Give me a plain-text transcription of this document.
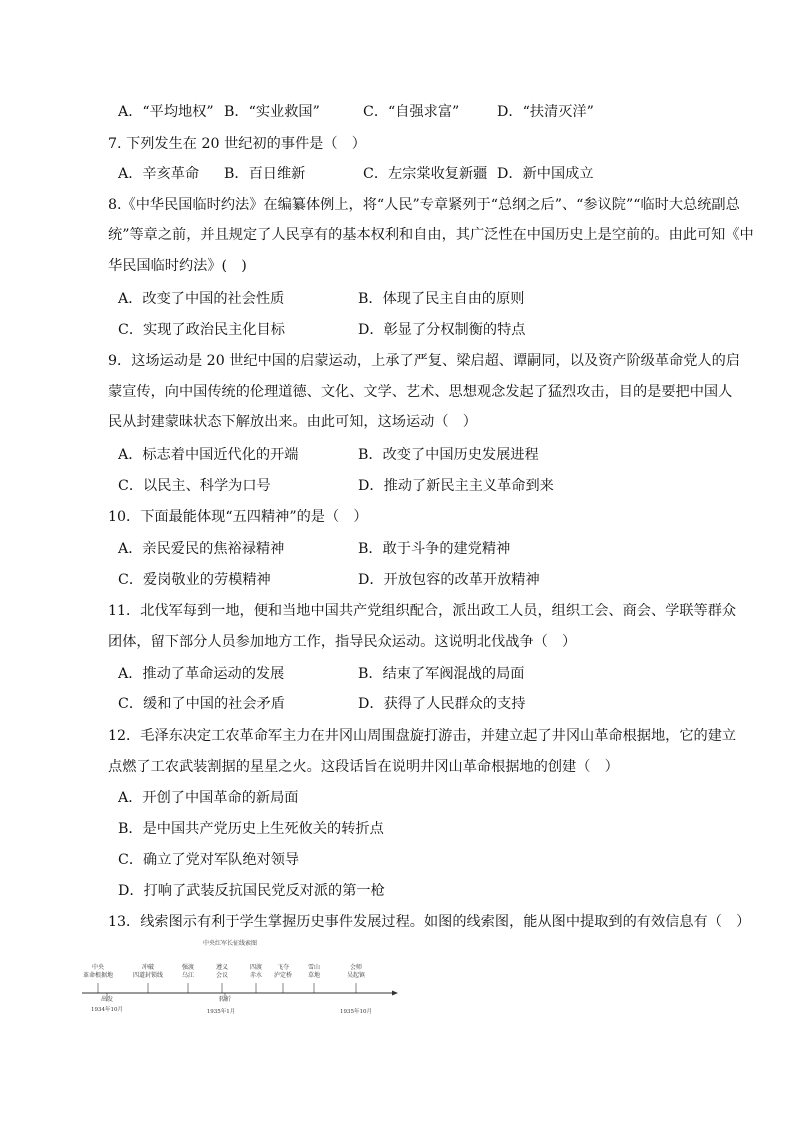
A．“平均地权” B．“实业救国”	C．“自强求富”	D．“扶清灭洋”
7. 下列发生在 20 世纪初的事件是（　）
A．辛亥革命 B．百日维新	C．左宗棠收复新疆 D．新中国成立
8.《中华民国临时约法》在编纂体例上，将“人民”专章紧列于“总纲之后”、“参议院”“临时大总统副总
统”等章之前，并且规定了人民享有的基本权利和自由，其广泛性在中国历史上是空前的。由此可知《中
华民国临时约法》(　)
A．改变了中国的社会性质	B．体现了民主自由的原则
C．实现了政治民主化目标	D．彰显了分权制衡的特点
9．这场运动是 20 世纪中国的启蒙运动，上承了严复、梁启超、谭嗣同，以及资产阶级革命党人的启
蒙宣传，向中国传统的伦理道德、文化、文学、艺术、思想观念发起了猛烈攻击，目的是要把中国人
民从封建蒙昧状态下解放出来。由此可知，这场运动（　）
A．标志着中国近代化的开端	B．改变了中国历史发展进程
C．以民主、科学为口号	D．推动了新民主主义革命到来
10．下面最能体现“五四精神”的是（　）
A．亲民爱民的焦裕禄精神	B．敢于斗争的建党精神
C．爱岗敬业的劳模精神	D．开放包容的改革开放精神
11．北伐军每到一地，便和当地中国共产党组织配合，派出政工人员，组织工会、商会、学联等群众
团体，留下部分人员参加地方工作，指导民众运动。这说明北伐战争（　）
A．推动了革命运动的发展	B．结束了军阀混战的局面
C．缓和了中国的社会矛盾	D．获得了人民群众的支持
12．毛泽东决定工农革命军主力在井冈山周围盘旋打游击，并建立起了井冈山革命根据地，它的建立
点燃了工农武装割据的星星之火。这段话旨在说明井冈山革命根据地的创建（　）
A．开创了中国革命的新局面
B．是中国共产党历史上生死攸关的转折点
C．确立了党对军队绝对领导
D．打响了武装反抗国民党反对派的第一枪
13．线索图示有利于学生掌握历史事件发展过程。如图的线索图，能从图中提取到的有效信息有（　）
中央红军长征线索图
中央
革命根据地
冲破
四道封锁线
强渡
乌江
遵义
会议
四渡
赤水
飞夺
泸定桥
雪山
草地
会师
吴起镇
出发
1934年10月
转折
1935年1月	1935年10月
